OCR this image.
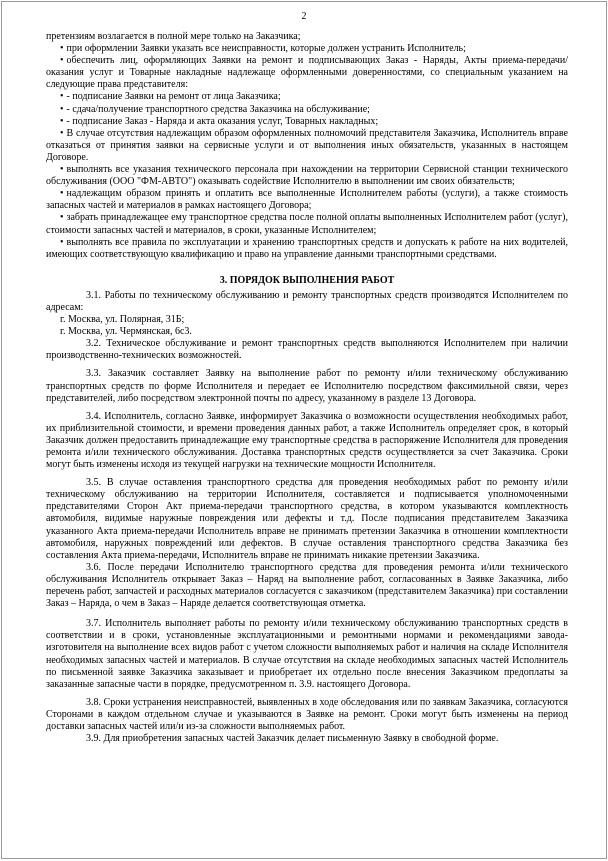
2

претензиям возлагается в полной мере только на Заказчика;

• при оформлении Заявки указать все неисправности, которые должен устранить Исполнитель;

• обеспечить лиц, оформляющих Заявки на ремонт и подписывающих Заказ - Наряды, Акты приема-передачи/оказания услуг и Товарные накладные надлежаще оформленными доверенностями, со специальным указанием на следующие права представителя:

• - подписание Заявки на ремонт от лица Заказчика;

• - сдача/получение транспортного средства Заказчика на обслуживание;

• - подписание Заказ - Наряда и акта оказания услуг, Товарных накладных;

• В случае отсутствия надлежащим образом оформленных полномочий представителя Заказчика, Исполнитель вправе отказаться от принятия заявки на сервисные услуги и от выполнения иных обязательств, указанных в настоящем Договоре.

• выполнять все указания технического персонала при нахождении на территории Сервисной станции технического обслуживания (ООО "ФМ-АВТО") оказывать содействие Исполнителю в выполнении им своих обязательств;

• надлежащим образом принять и оплатить все выполненные Исполнителем работы (услуги), а также стоимость запасных частей и материалов в рамках настоящего Договора;

• забрать принадлежащее ему транспортное средства после полной оплаты выполненных Исполнителем работ (услуг), стоимости запасных частей и материалов, в сроки, указанные Исполнителем;

• выполнять все правила по эксплуатации и хранению транспортных средств и допускать к работе на них водителей, имеющих соответствующую квалификацию и право на управление данными транспортными средствами.

3. ПОРЯДОК ВЫПОЛНЕНИЯ РАБОТ

3.1. Работы по техническому обслуживанию и ремонту транспортных средств производятся Исполнителем по адресам:

г. Москва, ул. Полярная, 31Б;

г. Москва, ул. Чермянская, 6с3.

3.2. Техническое обслуживание и ремонт транспортных средств выполняются Исполнителем при наличии производственно-технических возможностей.

3.3. Заказчик составляет Заявку на выполнение работ по ремонту и/или техническому обслуживанию транспортных средств по форме Исполнителя и передает ее Исполнителю посредством факсимильной связи, через представителей, либо посредством электронной почты по адресу, указанному в разделе 13 Договора.

3.4. Исполнитель, согласно Заявке, информирует Заказчика о возможности осуществления необходимых работ, их приблизительной стоимости, и времени проведения данных работ, а также Исполнитель определяет срок, в который Заказчик должен предоставить принадлежащие ему транспортные средства в распоряжение Исполнителя для проведения ремонта и/или технического обслуживания. Доставка транспортных средств осуществляется за счет Заказчика. Сроки могут быть изменены исходя из текущей нагрузки на технические мощности Исполнителя.

3.5. В случае оставления транспортного средства для проведения необходимых работ по ремонту и/или техническому обслуживанию на территории Исполнителя, составляется и подписывается уполномоченными представителями Сторон Акт приема-передачи транспортного средства, в котором указываются комплектность автомобиля, видимые наружные повреждения или дефекты и т.д. После подписания представителем Заказчика указанного Акта приема-передачи Исполнитель вправе не принимать претензии Заказчика в отношении комплектности автомобиля, наружных повреждений или дефектов. В случае оставления транспортного средства Заказчика без составления Акта приема-передачи, Исполнитель вправе не принимать никакие претензии Заказчика.

3.6. После передачи Исполнителю транспортного средства для проведения ремонта и/или технического обслуживания Исполнитель открывает Заказ – Наряд на выполнение работ, согласованных в Заявке Заказчика, либо перечень работ, запчастей и расходных материалов согласуется с заказчиком (представителем Заказчика) при составлении Заказ – Наряда, о чем в Заказ – Наряде делается соответствующая отметка.

3.7. Исполнитель выполняет работы по ремонту и/или техническому обслуживанию транспортных средств в соответствии и в сроки, установленные эксплуатационными и ремонтными нормами и рекомендациями завода-изготовителя на выполнение всех видов работ с учетом сложности выполняемых работ и наличия на складе Исполнителя необходимых запасных частей и материалов. В случае отсутствия на складе необходимых запасных частей Исполнитель по письменной заявке Заказчика заказывает и приобретает их отдельно после внесения Заказчиком предоплаты за заказанные запасные части в порядке, предусмотренном п. 3.9. настоящего Договора.

3.8. Сроки устранения неисправностей, выявленных в ходе обследования или по заявкам Заказчика, согласуются Сторонами в каждом отдельном случае и указываются в Заявке на ремонт. Сроки могут быть изменены на период доставки запасных частей или/и из-за сложности выполняемых работ.

3.9. Для приобретения запасных частей Заказчик делает письменную Заявку в свободной форме.
